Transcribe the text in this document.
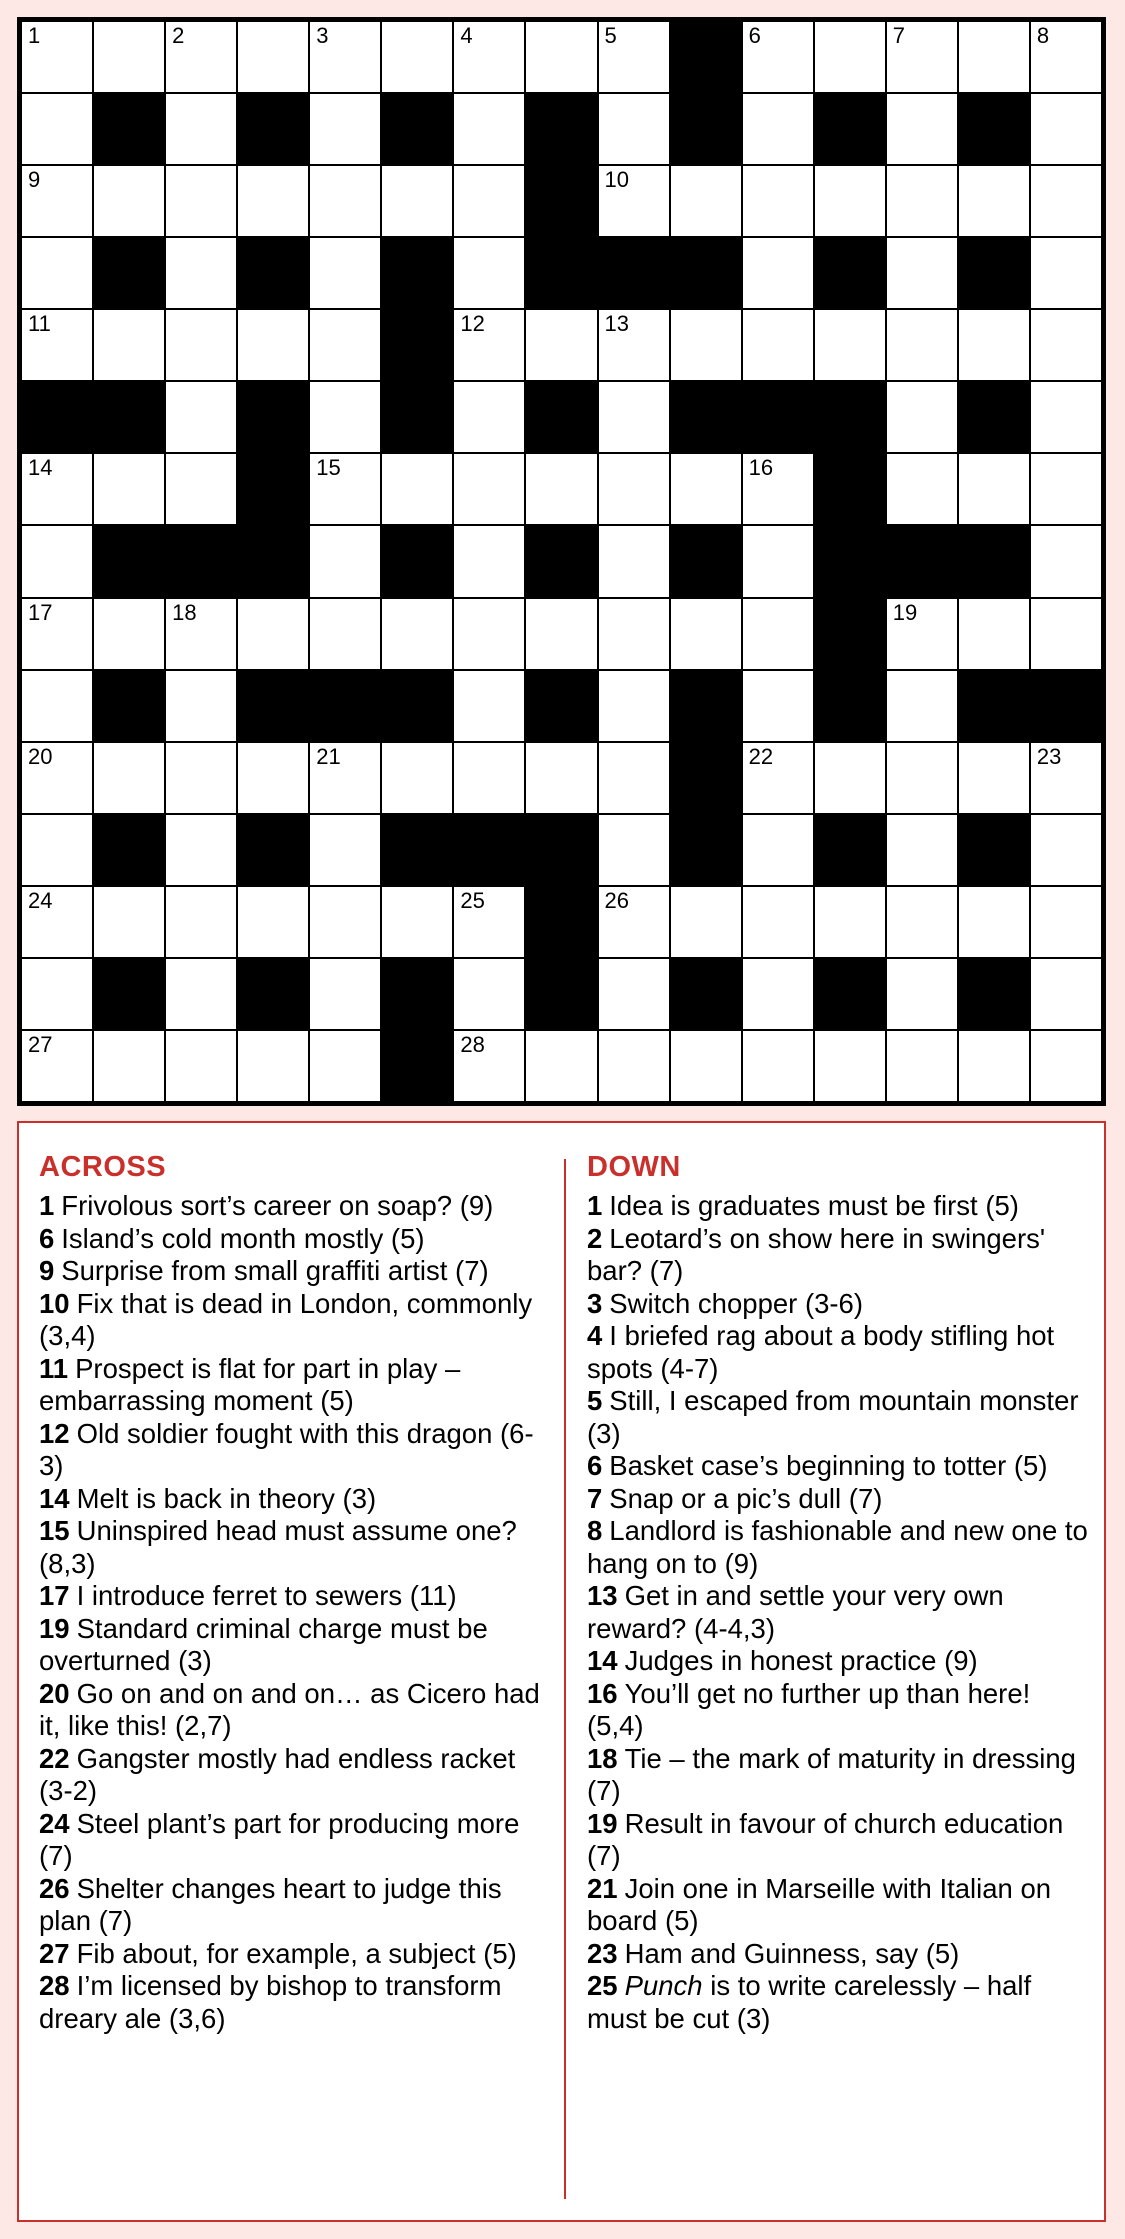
1	2	3	4	5	6	7	8
9	10
11	12	13
14	15	16
17	18	19
20	21	22	23
24	25	26
27	28
ACROSS
1 Frivolous sort’s career on soap? (9)
6 Island’s cold month mostly (5)
9 Surprise from small graffiti artist (7)
10 Fix that is dead in London, commonly (3,4)
11 Prospect is flat for part in play – embarrassing moment (5)
12 Old soldier fought with this dragon (6-3)
14 Melt is back in theory (3)
15 Uninspired head must assume one? (8,3)
17 I introduce ferret to sewers (11)
19 Standard criminal charge must be overturned (3)
20 Go on and on and on… as Cicero had it, like this! (2,7)
22 Gangster mostly had endless racket (3-2)
24 Steel plant’s part for producing more (7)
26 Shelter changes heart to judge this plan (7)
27 Fib about, for example, a subject (5)
28 I’m licensed by bishop to transform dreary ale (3,6)
DOWN
1 Idea is graduates must be first (5)
2 Leotard’s on show here in swingers' bar? (7)
3 Switch chopper (3-6)
4 I briefed rag about a body stifling hot spots (4-7)
5 Still, I escaped from mountain monster (3)
6 Basket case’s beginning to totter (5)
7 Snap or a pic’s dull (7)
8 Landlord is fashionable and new one to hang on to (9)
13 Get in and settle your very own reward? (4-4,3)
14 Judges in honest practice (9)
16 You’ll get no further up than here! (5,4)
18 Tie – the mark of maturity in dressing (7)
19 Result in favour of church education (7)
21 Join one in Marseille with Italian on board (5)
23 Ham and Guinness, say (5)
25 Punch is to write carelessly – half must be cut (3)
